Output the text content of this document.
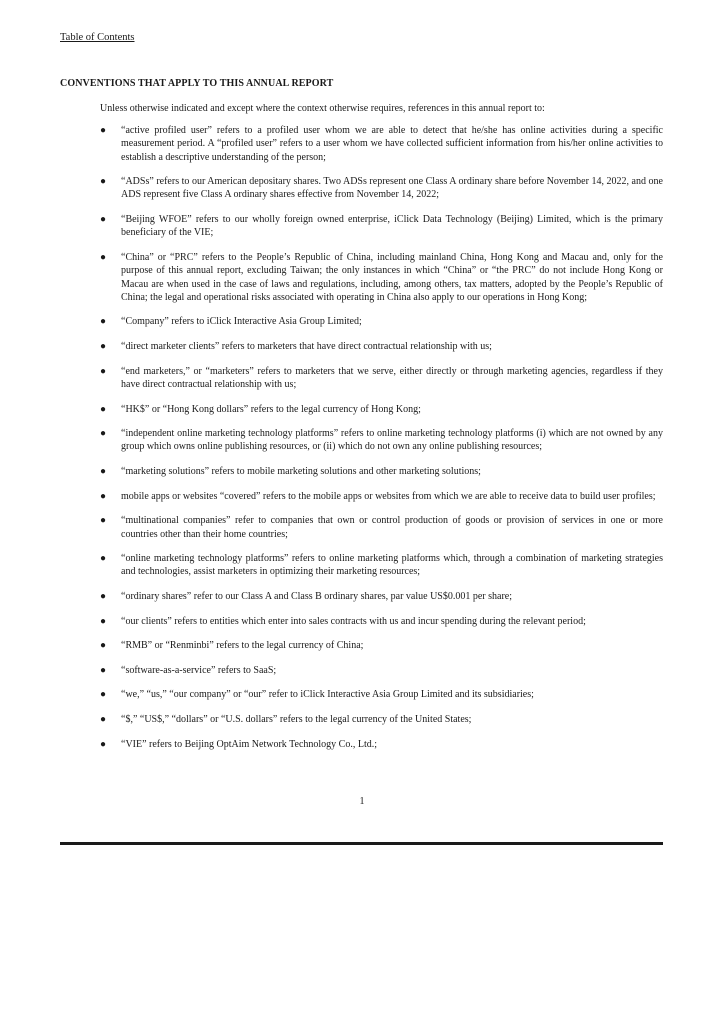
Table of Contents
CONVENTIONS THAT APPLY TO THIS ANNUAL REPORT
Unless otherwise indicated and except where the context otherwise requires, references in this annual report to:
● “active profiled user” refers to a profiled user whom we are able to detect that he/she has online activities during a specific measurement period. A “profiled user” refers to a user whom we have collected sufficient information from his/her online activities to establish a descriptive understanding of the person;
● “ADSs” refers to our American depositary shares. Two ADSs represent one Class A ordinary share before November 14, 2022, and one ADS represent five Class A ordinary shares effective from November 14, 2022;
● “Beijing WFOE” refers to our wholly foreign owned enterprise, iClick Data Technology (Beijing) Limited, which is the primary beneficiary of the VIE;
● “China” or “PRC” refers to the People’s Republic of China, including mainland China, Hong Kong and Macau and, only for the purpose of this annual report, excluding Taiwan; the only instances in which “China” or “the PRC” do not include Hong Kong or Macau are when used in the case of laws and regulations, including, among others, tax matters, adopted by the People’s Republic of China; the legal and operational risks associated with operating in China also apply to our operations in Hong Kong;
● “Company” refers to iClick Interactive Asia Group Limited;
● “direct marketer clients” refers to marketers that have direct contractual relationship with us;
● “end marketers,” or “marketers” refers to marketers that we serve, either directly or through marketing agencies, regardless if they have direct contractual relationship with us;
● “HK$” or “Hong Kong dollars” refers to the legal currency of Hong Kong;
● “independent online marketing technology platforms” refers to online marketing technology platforms (i) which are not owned by any group which owns online publishing resources, or (ii) which do not own any online publishing resources;
● “marketing solutions” refers to mobile marketing solutions and other marketing solutions;
● mobile apps or websites “covered” refers to the mobile apps or websites from which we are able to receive data to build user profiles;
● “multinational companies” refer to companies that own or control production of goods or provision of services in one or more countries other than their home countries;
● “online marketing technology platforms” refers to online marketing platforms which, through a combination of marketing strategies and technologies, assist marketers in optimizing their marketing resources;
● “ordinary shares” refer to our Class A and Class B ordinary shares, par value US$0.001 per share;
● “our clients” refers to entities which enter into sales contracts with us and incur spending during the relevant period;
● “RMB” or “Renminbi” refers to the legal currency of China;
● “software-as-a-service” refers to SaaS;
● “we,” “us,” “our company” or “our” refer to iClick Interactive Asia Group Limited and its subsidiaries;
● “$,” “US$,” “dollars” or “U.S. dollars” refers to the legal currency of the United States;
● “VIE” refers to Beijing OptAim Network Technology Co., Ltd.;
1
